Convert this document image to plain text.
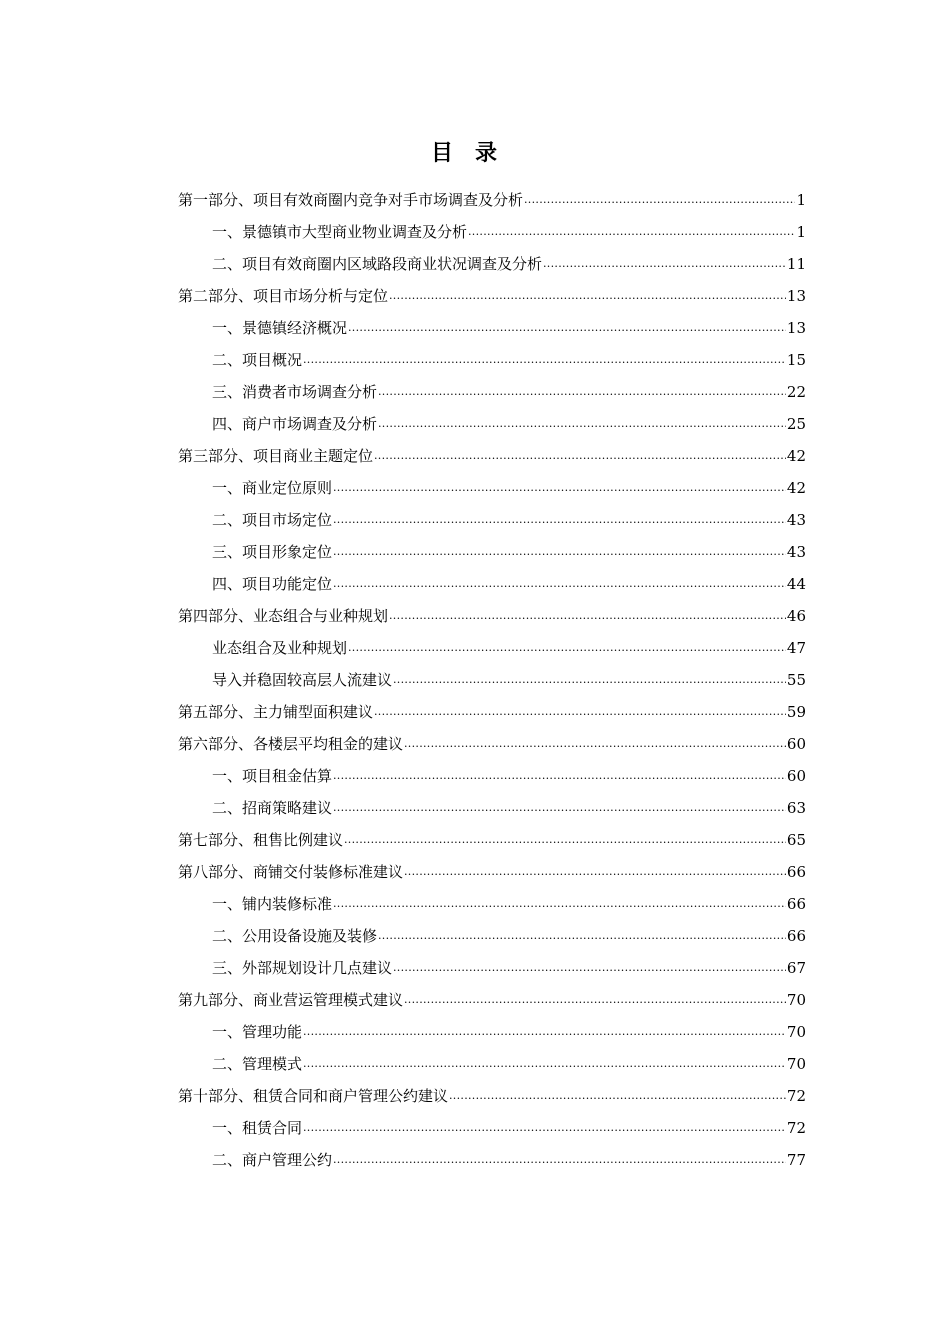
目录
第一部分、项目有效商圈内竞争对手市场调查及分析 .....	1
一、景德镇市大型商业物业调查及分析 .....	1
二、项目有效商圈内区域路段商业状况调查及分析 .....	11
第二部分、项目市场分析与定位 .....	13
一、景德镇经济概况 .....	13
二、项目概况 .....	15
三、消费者市场调查分析 .....	22
四、商户市场调查及分析 .....	25
第三部分、项目商业主题定位 .....	42
一、商业定位原则 .....	42
二、项目市场定位 .....	43
三、项目形象定位 .....	43
四、项目功能定位 .....	44
第四部分、业态组合与业种规划 .....	46
业态组合及业种规划 .....	47
导入并稳固较高层人流建议 .....	55
第五部分、主力铺型面积建议 .....	59
第六部分、各楼层平均租金的建议 .....	60
一、项目租金估算 .....	60
二、招商策略建议 .....	63
第七部分、租售比例建议 .....	65
第八部分、商铺交付装修标准建议 .....	66
一、铺内装修标准 .....	66
二、公用设备设施及装修 .....	66
三、外部规划设计几点建议 .....	67
第九部分、商业营运管理模式建议 .....	70
一、管理功能 .....	70
二、管理模式 .....	70
第十部分、租赁合同和商户管理公约建议 .....	72
一、租赁合同 .....	72
二、商户管理公约 .....	77
